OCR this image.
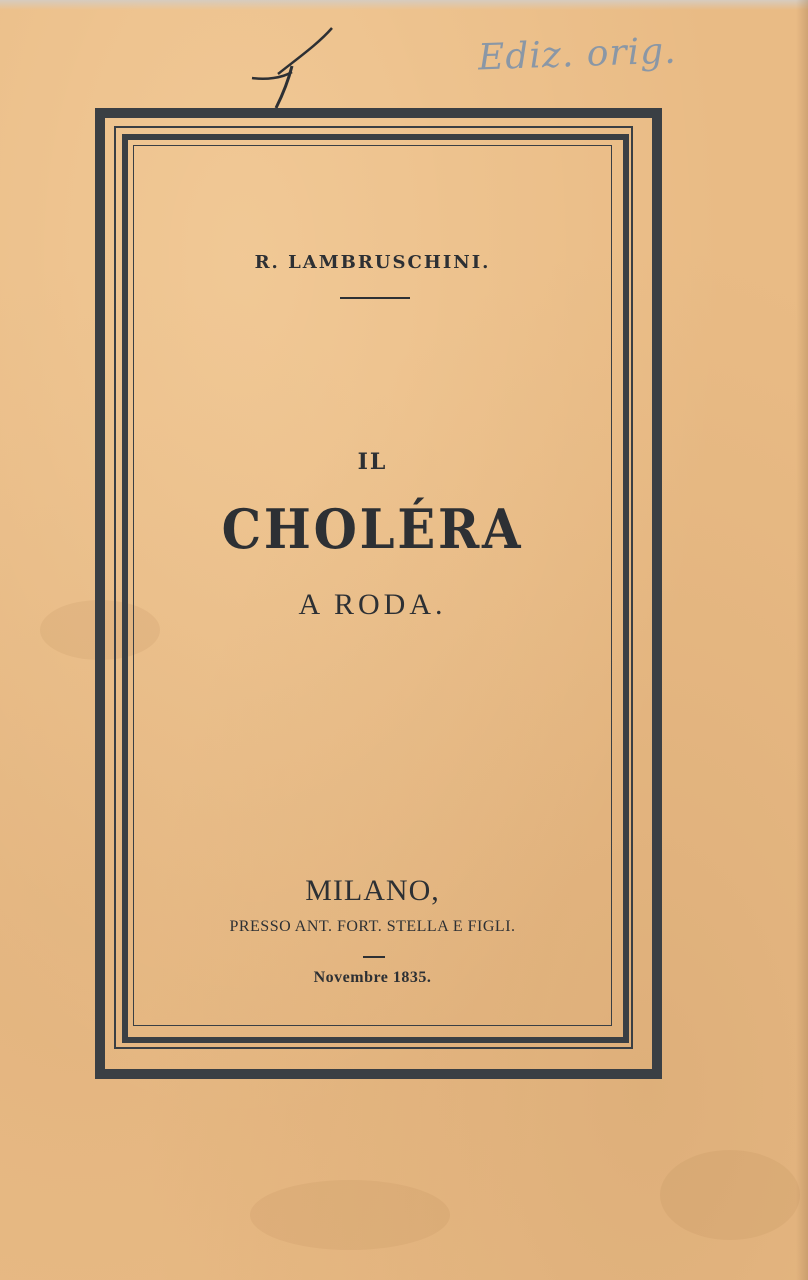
Ediz. orig.
R. LAMBRUSCHINI.
IL
CHOLÉRA
A RODA.
MILANO,
PRESSO ANT. FORT. STELLA E FIGLI.
Novembre 1835.
